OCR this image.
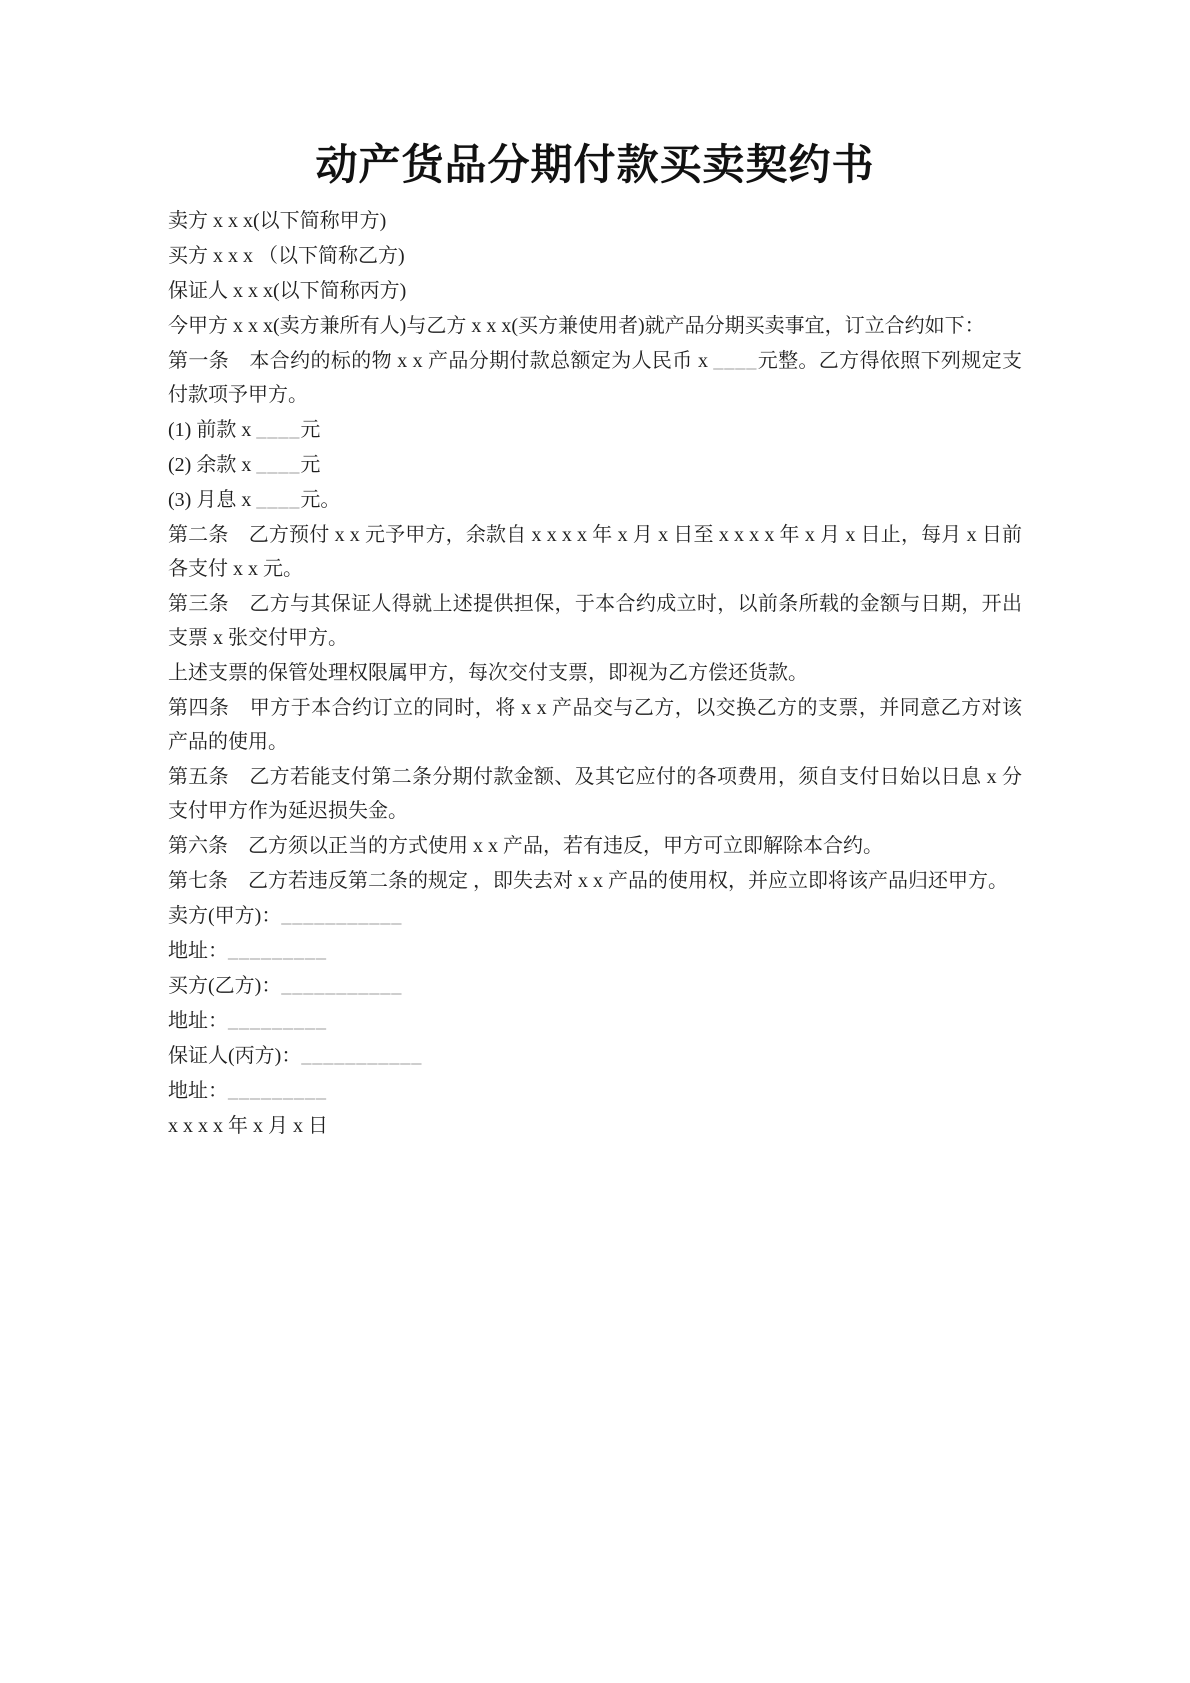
动产货品分期付款买卖契约书

卖方 x x x(以下简称甲方)

买方 x x x （以下简称乙方)

保证人 x x x(以下简称丙方)

今甲方 x x x(卖方兼所有人)与乙方 x x x(买方兼使用者)就产品分期买卖事宜，订立合约如下：

第一条　本合约的标的物 x x 产品分期付款总额定为人民币 x ____元整。乙方得依照下列规定支付款项予甲方。

(1) 前款 x ____元

(2) 余款 x ____元

(3) 月息 x ____元。

第二条　乙方预付 x x 元予甲方，余款自 x x x x 年 x 月 x 日至 x x x x 年 x 月 x 日止，每月 x 日前各支付 x x 元。

第三条　乙方与其保证人得就上述提供担保，于本合约成立时，以前条所载的金额与日期，开出支票 x 张交付甲方。

上述支票的保管处理权限属甲方，每次交付支票，即视为乙方偿还货款。

第四条　甲方于本合约订立的同时，将 x x 产品交与乙方，以交换乙方的支票，并同意乙方对该产品的使用。

第五条　乙方若能支付第二条分期付款金额、及其它应付的各项费用，须自支付日始以日息 x 分支付甲方作为延迟损失金。

第六条　乙方须以正当的方式使用 x x 产品，若有违反，甲方可立即解除本合约。

第七条　乙方若违反第二条的规定 ，即失去对 x x 产品的使用权，并应立即将该产品归还甲方。

卖方(甲方)：___________

地址：_________

买方(乙方)：___________

地址：_________

保证人(丙方)：___________

地址：_________

x x x x 年 x 月 x 日
